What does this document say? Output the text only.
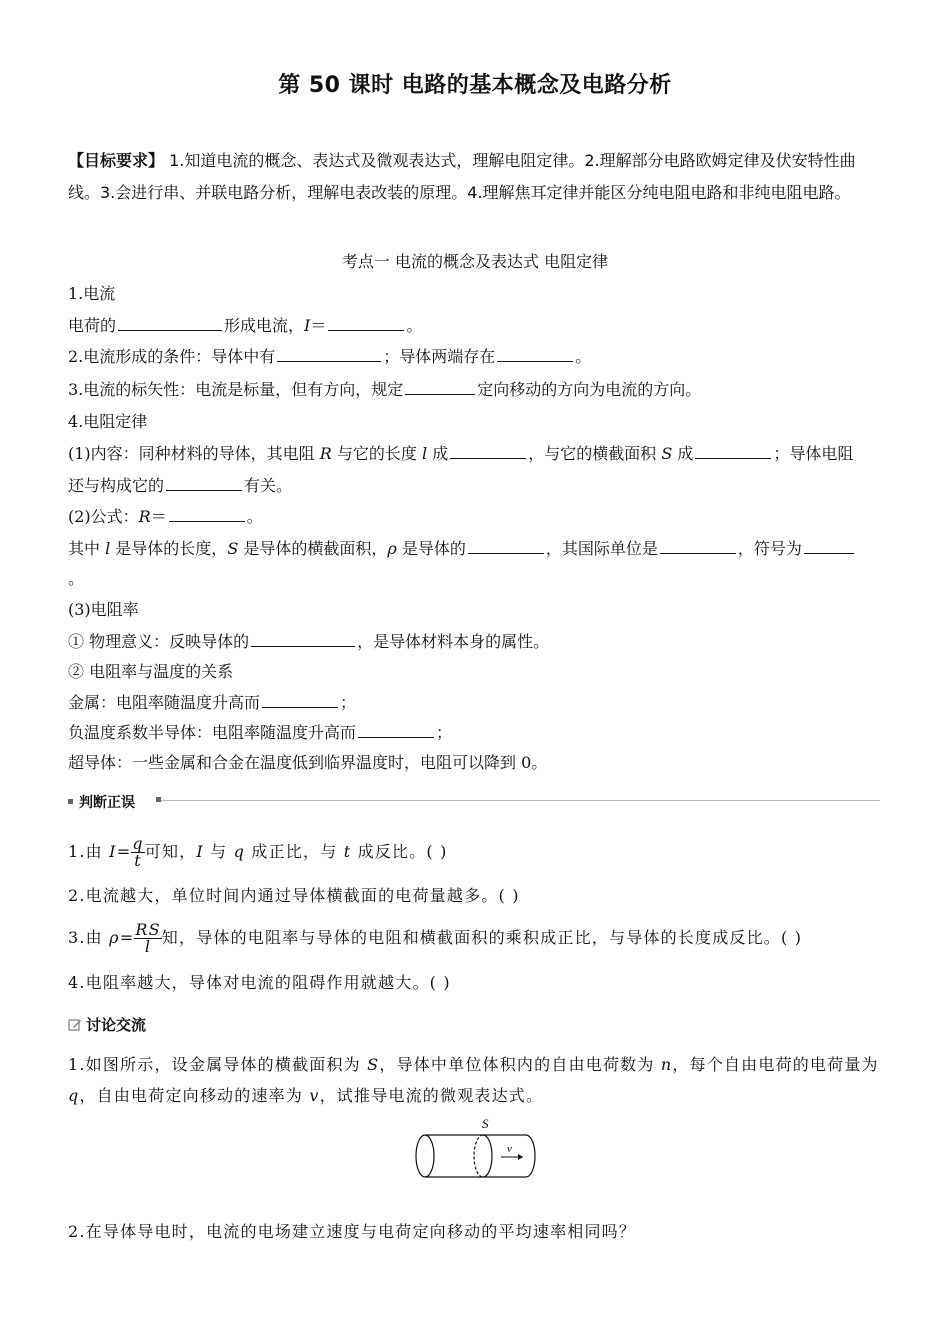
第 50 课时 电路的基本概念及电路分析
【目标要求】 1.知道电流的概念、表达式及微观表达式，理解电阻定律。2.理解部分电路欧姆定律及伏安特性曲线。3.会进行串、并联电路分析，理解电表改装的原理。4.理解焦耳定律并能区分纯电阻电路和非纯电阻电路。
考点一 电流的概念及表达式 电阻定律
1.电流
电荷的	形成电流，I＝	。
2.电流形成的条件：导体中有	；导体两端存在	。
3.电流的标矢性：电流是标量，但有方向，规定	定向移动的方向为电流的方向。
4.电阻定律
(1)内容：同种材料的导体，其电阻 R 与它的长度 l 成	，与它的横截面积 S 成	；导体电阻
还与构成它的	有关。
(2)公式：R＝	。
其中 l 是导体的长度，S 是导体的横截面积，ρ 是导体的	，其国际单位是	，符号为
。
(3)电阻率
① 物理意义：反映导体的	，是导体材料本身的属性。
② 电阻率与温度的关系
金属：电阻率随温度升高而	；
负温度系数半导体：电阻率随温度升高而	；
超导体：一些金属和合金在温度低到临界温度时，电阻可以降到 0。
判断正误
1.由 $I= \frac{q}{t}$ 可知，I 与 q 成正比，与 t 成反比。( )
2.电流越大，单位时间内通过导体横截面的电荷量越多。( )
3.由 $\rho= \frac{RS}{l}$ 知，导体的电阻率与导体的电阻和横截面积的乘积成正比，与导体的长度成反比。( )
4.电阻率越大，导体对电流的阻碍作用就越大。( )
讨论交流
1.如图所示，设金属导体的横截面积为 S，导体中单位体积内的自由电荷数为 n，每个自由电荷的电荷量为
q，自由电荷定向移动的速率为 v，试推导电流的微观表达式。
S
v
2.在导体导电时，电流的电场建立速度与电荷定向移动的平均速率相同吗？
